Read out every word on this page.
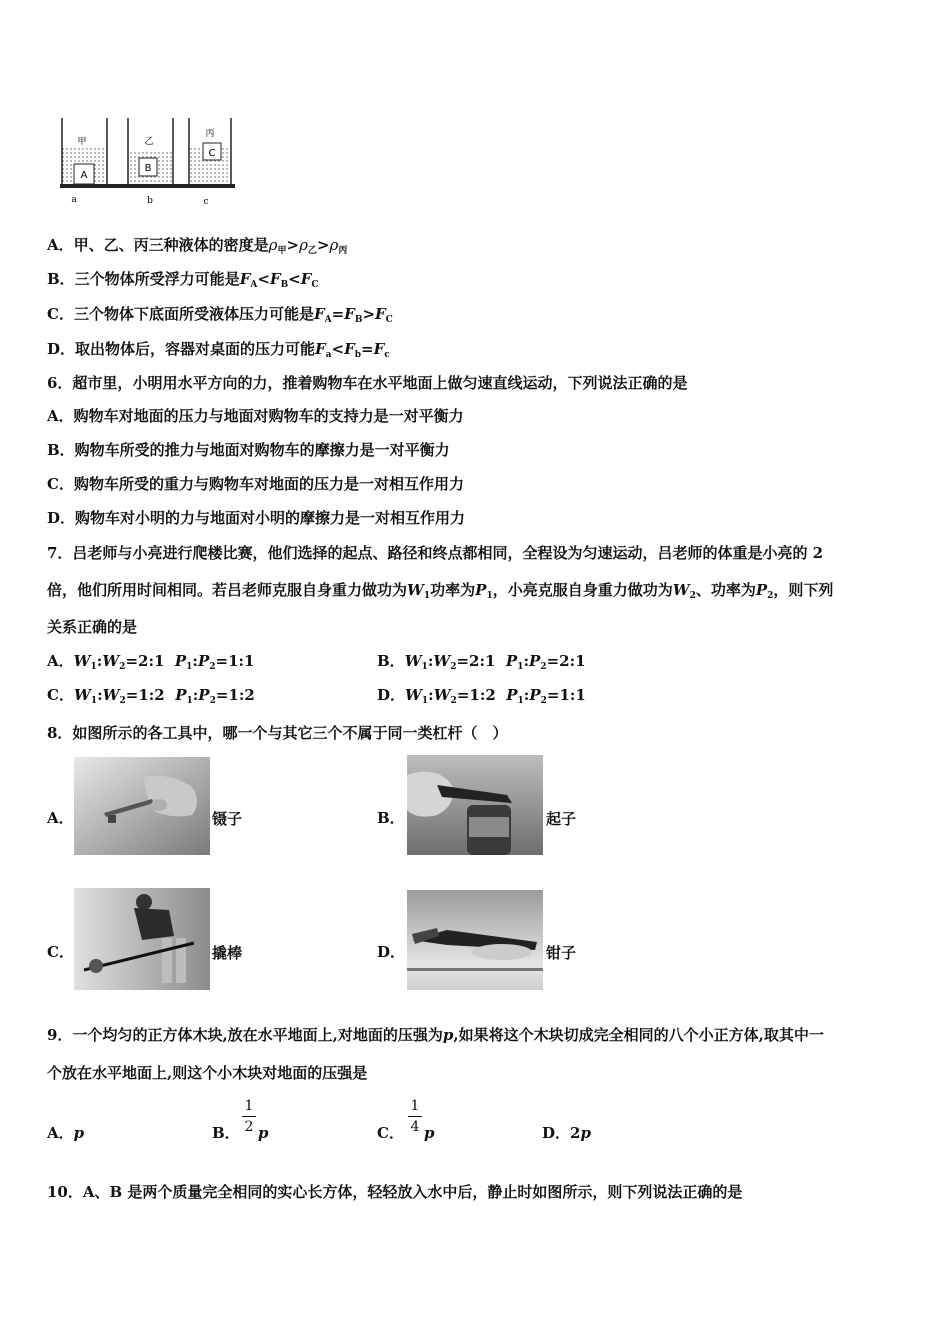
甲	乙
丙
A
B
C
a	b	c
A．甲、乙、丙三种液体的密度是$\rho_甲>\rho_乙>\rho_丙$
B．三个物体所受浮力可能是$F_A<F_B<F_C$
C．三个物体下底面所受液体压力可能是$F_A=F_B>F_C$
D．取出物体后，容器对桌面的压力可能$F_a<F_b=F_c$
6．超市里，小明用水平方向的力，推着购物车在水平地面上做匀速直线运动，下列说法正确的是
A．购物车对地面的压力与地面对购物车的支持力是一对平衡力
B．购物车所受的推力与地面对购物车的摩擦力是一对平衡力
C．购物车所受的重力与购物车对地面的压力是一对相互作用力
D．购物车对小明的力与地面对小明的摩擦力是一对相互作用力
7．吕老师与小亮进行爬楼比赛，他们选择的起点、路径和终点都相同，全程设为匀速运动，吕老师的体重是小亮的 2
倍，他们所用时间相同。若吕老师克服自身重力做功为$W_1$功率为$P_1$，小亮克服自身重力做功为$W_2$、功率为$P_2$，则下列
关系正确的是
A．$W_1:W_2=2:1$ $P_1:P_2=1:1$	B．$W_1:W_2=2:1$ $P_1:P_2=2:1$
C．$W_1:W_2=1:2$ $P_1:P_2=1:2$	D．$W_1:W_2=1:2$ $P_1:P_2=1:1$
8．如图所示的各工具中，哪一个与其它三个不属于同一类杠杆（　）
A．	镊子	B．	起子
C．	撬棒	D．	钳子
9．一个均匀的正方体木块,放在水平地面上,对地面的压强为p,如果将这个木块切成完全相同的八个小正方体,取其中一
个放在水平地面上,则这个小木块对地面的压强是
A．p	B．
1
2 p	C．
1
4 p	D．2p
10．A、B 是两个质量完全相同的实心长方体，轻轻放入水中后，静止时如图所示，则下列说法正确的是
